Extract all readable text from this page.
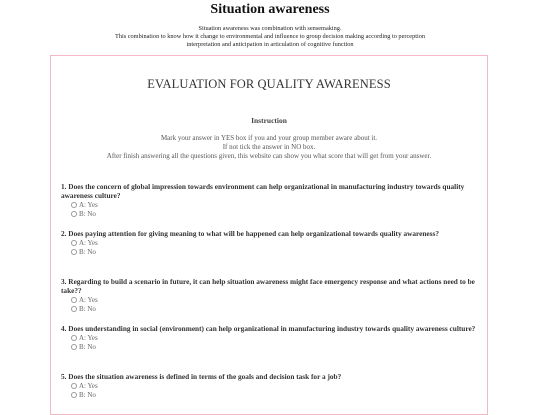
Situation awareness

Situation awareness was combination with sensemaking.

This combination to know how it change to environmental and influence to group decision making according to perception

interpretation and anticipation in articulation of cognitive function

EVALUATION FOR QUALITY AWARENESS
Instruction

Mark your answer in YES box if you and your group member aware about it.

If not tick the answer in NO box.

After finish answering all the questions given, this website can show you what score that will get from your answer.

1. Does the concern of global impression towards environment can help organizational in manufacturing industry towards quality awareness culture?

A: Yes
B: No

2. Does paying attention for giving meaning to what will be happened can help organizational towards quality awareness?

A: Yes
B: No

3. Regarding to build a scenario in future, it can help situation awareness might face emergency response and what actions need to be take??

A: Yes
B: No

4. Does understanding in social (environment) can help organizational in manufacturing industry towards quality awareness culture?

A: Yes
B: No

5. Does the situation awareness is defined in terms of the goals and decision task for a job?

A: Yes
B: No
